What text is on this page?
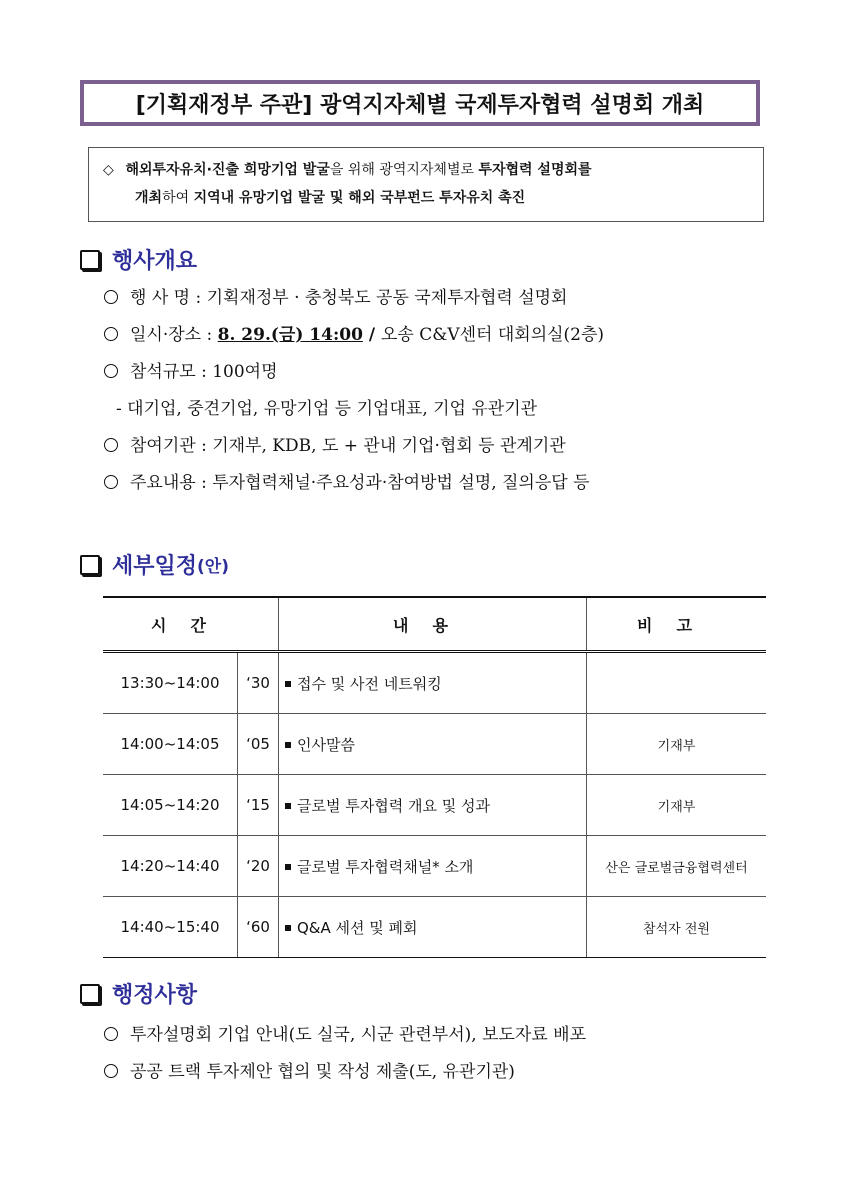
[기획재정부 주관]
광역지자체별 국제투자협력 설명회 개최
◇ 해외투자유치·진출 희망기업 발굴을 위해 광역지자체별로 투자협력 설명회를
개최하여 지역내 유망기업 발굴 및 해외 국부펀드 투자유치 촉진
행사개요
행 사 명 : 기획재정부 · 충청북도 공동 국제투자협력 설명회
일시·장소 : 8. 29.(금) 14:00 / 오송 C&V센터 대회의실(2층)
참석규모 : 100여명
- 대기업, 중견기업, 유망기업 등 기업대표, 기업 유관기관
참여기관 : 기재부, KDB, 도 + 관내 기업·협회 등 관계기관
주요내용 : 투자협력채널·주요성과·참여방법 설명, 질의응답 등
세부일정 (안)
시간		내용	비고
13:30~14:00	‘30	접수 및 사전 네트워킹	
14:00~14:05	‘05	인사말씀	기재부
14:05~14:20	‘15	글로벌 투자협력 개요 및 성과	기재부
14:20~14:40	‘20	글로벌 투자협력채널* 소개	산은 글로벌금융협력센터
14:40~15:40	‘60	Q&A 세션 및 폐회	참석자 전원
행정사항
투자설명회 기업 안내(도 실국, 시군 관련부서), 보도자료 배포
공공 트랙 투자제안 협의 및 작성 제출(도, 유관기관)
